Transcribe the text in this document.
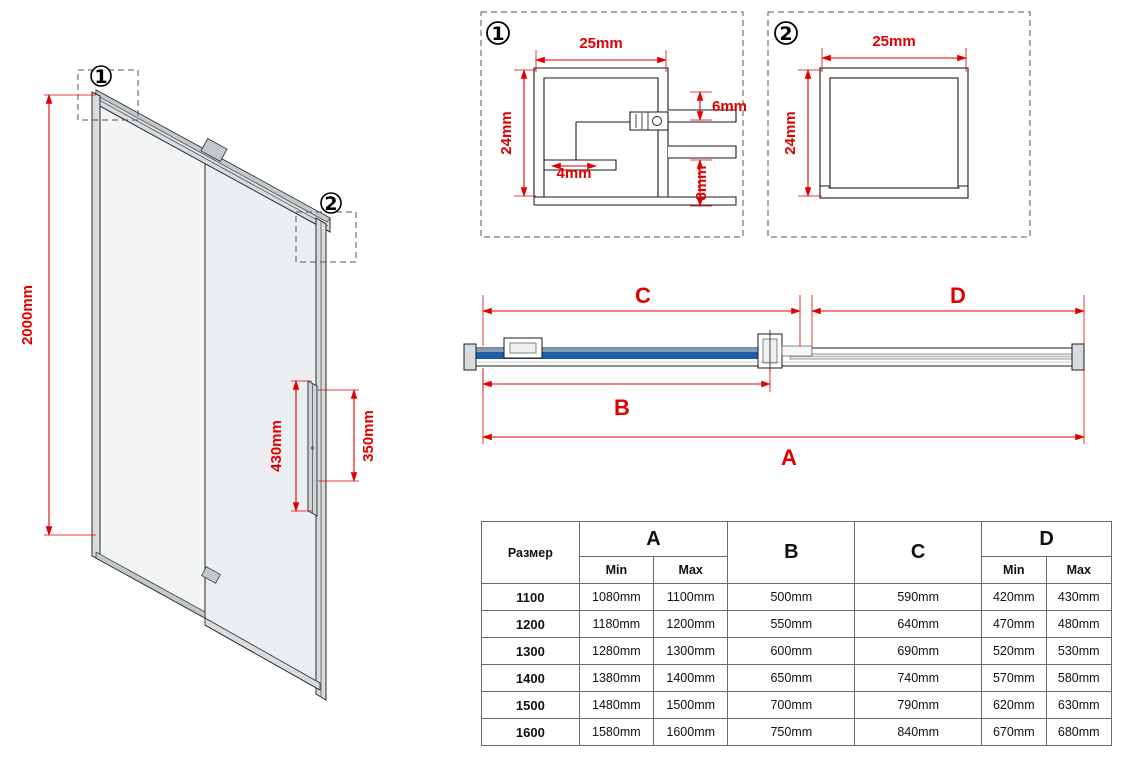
1
2
2000mm
430mm	350mm
1	25mm
24mm
4mm
6mm
8mm
2	25mm
24mm
C	D
B
A
Размер	A		B	C	D	
	Min	Max			Min	Max
1100	1080mm	1100mm	500mm	590mm	420mm	430mm
1200	1180mm	1200mm	550mm	640mm	470mm	480mm
1300	1280mm	1300mm	600mm	690mm	520mm	530mm
1400	1380mm	1400mm	650mm	740mm	570mm	580mm
1500	1480mm	1500mm	700mm	790mm	620mm	630mm
1600	1580mm	1600mm	750mm	840mm	670mm	680mm
